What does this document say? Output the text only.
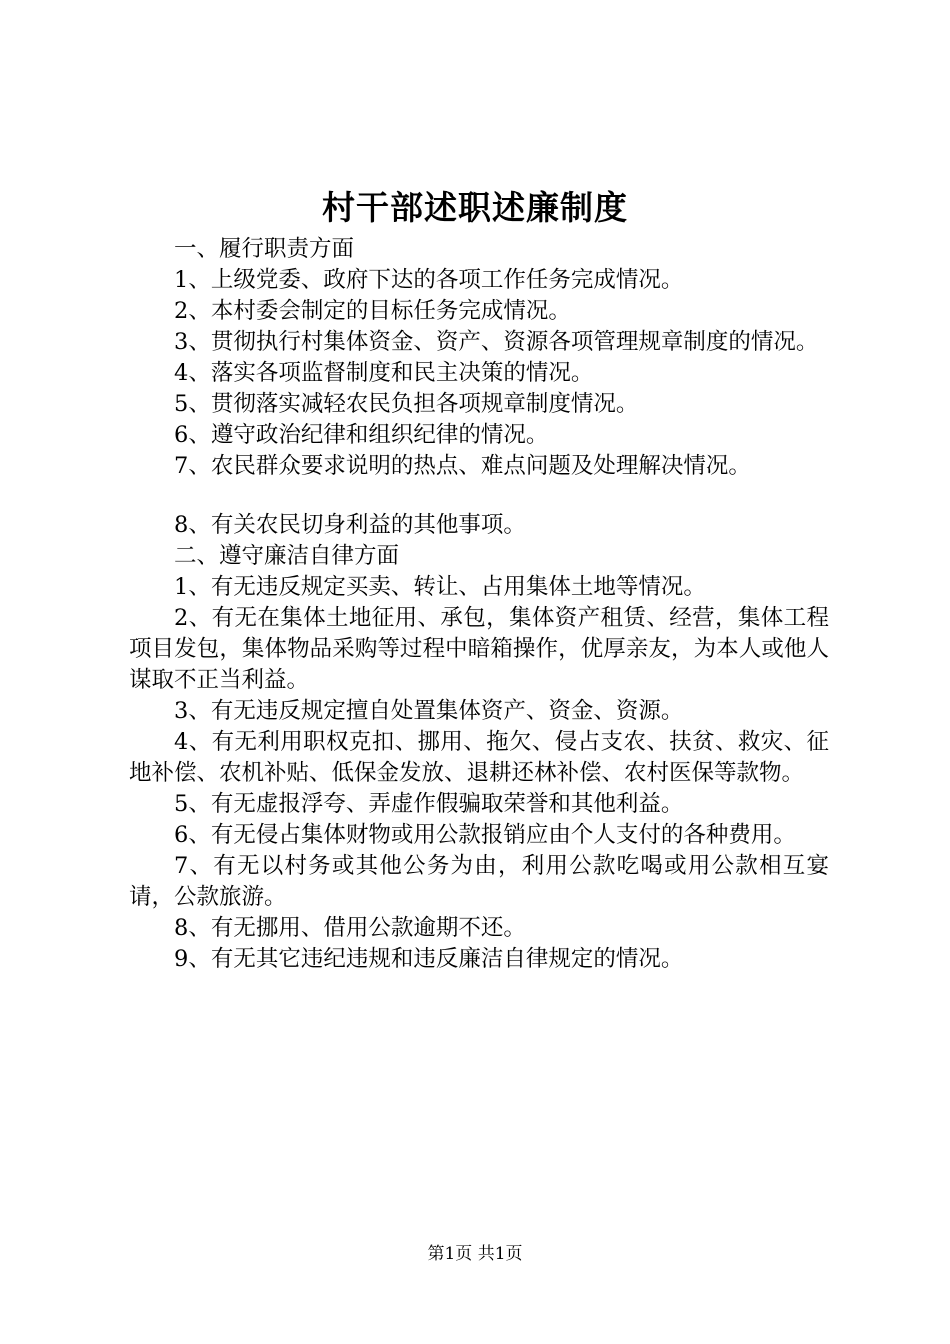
村干部述职述廉制度

一、履行职责方面

1、上级党委、政府下达的各项工作任务完成情况。

2、本村委会制定的目标任务完成情况。

3、贯彻执行村集体资金、资产、资源各项管理规章制度的情况。

4、落实各项监督制度和民主决策的情况。

5、贯彻落实减轻农民负担各项规章制度情况。

6、遵守政治纪律和组织纪律的情况。

7、农民群众要求说明的热点、难点问题及处理解决情况。

8、有关农民切身利益的其他事项。

二、遵守廉洁自律方面

1、有无违反规定买卖、转让、占用集体土地等情况。

2、有无在集体土地征用、承包，集体资产租赁、经营，集体工程项目发包，集体物品采购等过程中暗箱操作，优厚亲友，为本人或他人谋取不正当利益。

3、有无违反规定擅自处置集体资产、资金、资源。

4、有无利用职权克扣、挪用、拖欠、侵占支农、扶贫、救灾、征地补偿、农机补贴、低保金发放、退耕还林补偿、农村医保等款物。

5、有无虚报浮夸、弄虚作假骗取荣誉和其他利益。

6、有无侵占集体财物或用公款报销应由个人支付的各种费用。

7、有无以村务或其他公务为由，利用公款吃喝或用公款相互宴请，公款旅游。

8、有无挪用、借用公款逾期不还。

9、有无其它违纪违规和违反廉洁自律规定的情况。

第1页 共1页
